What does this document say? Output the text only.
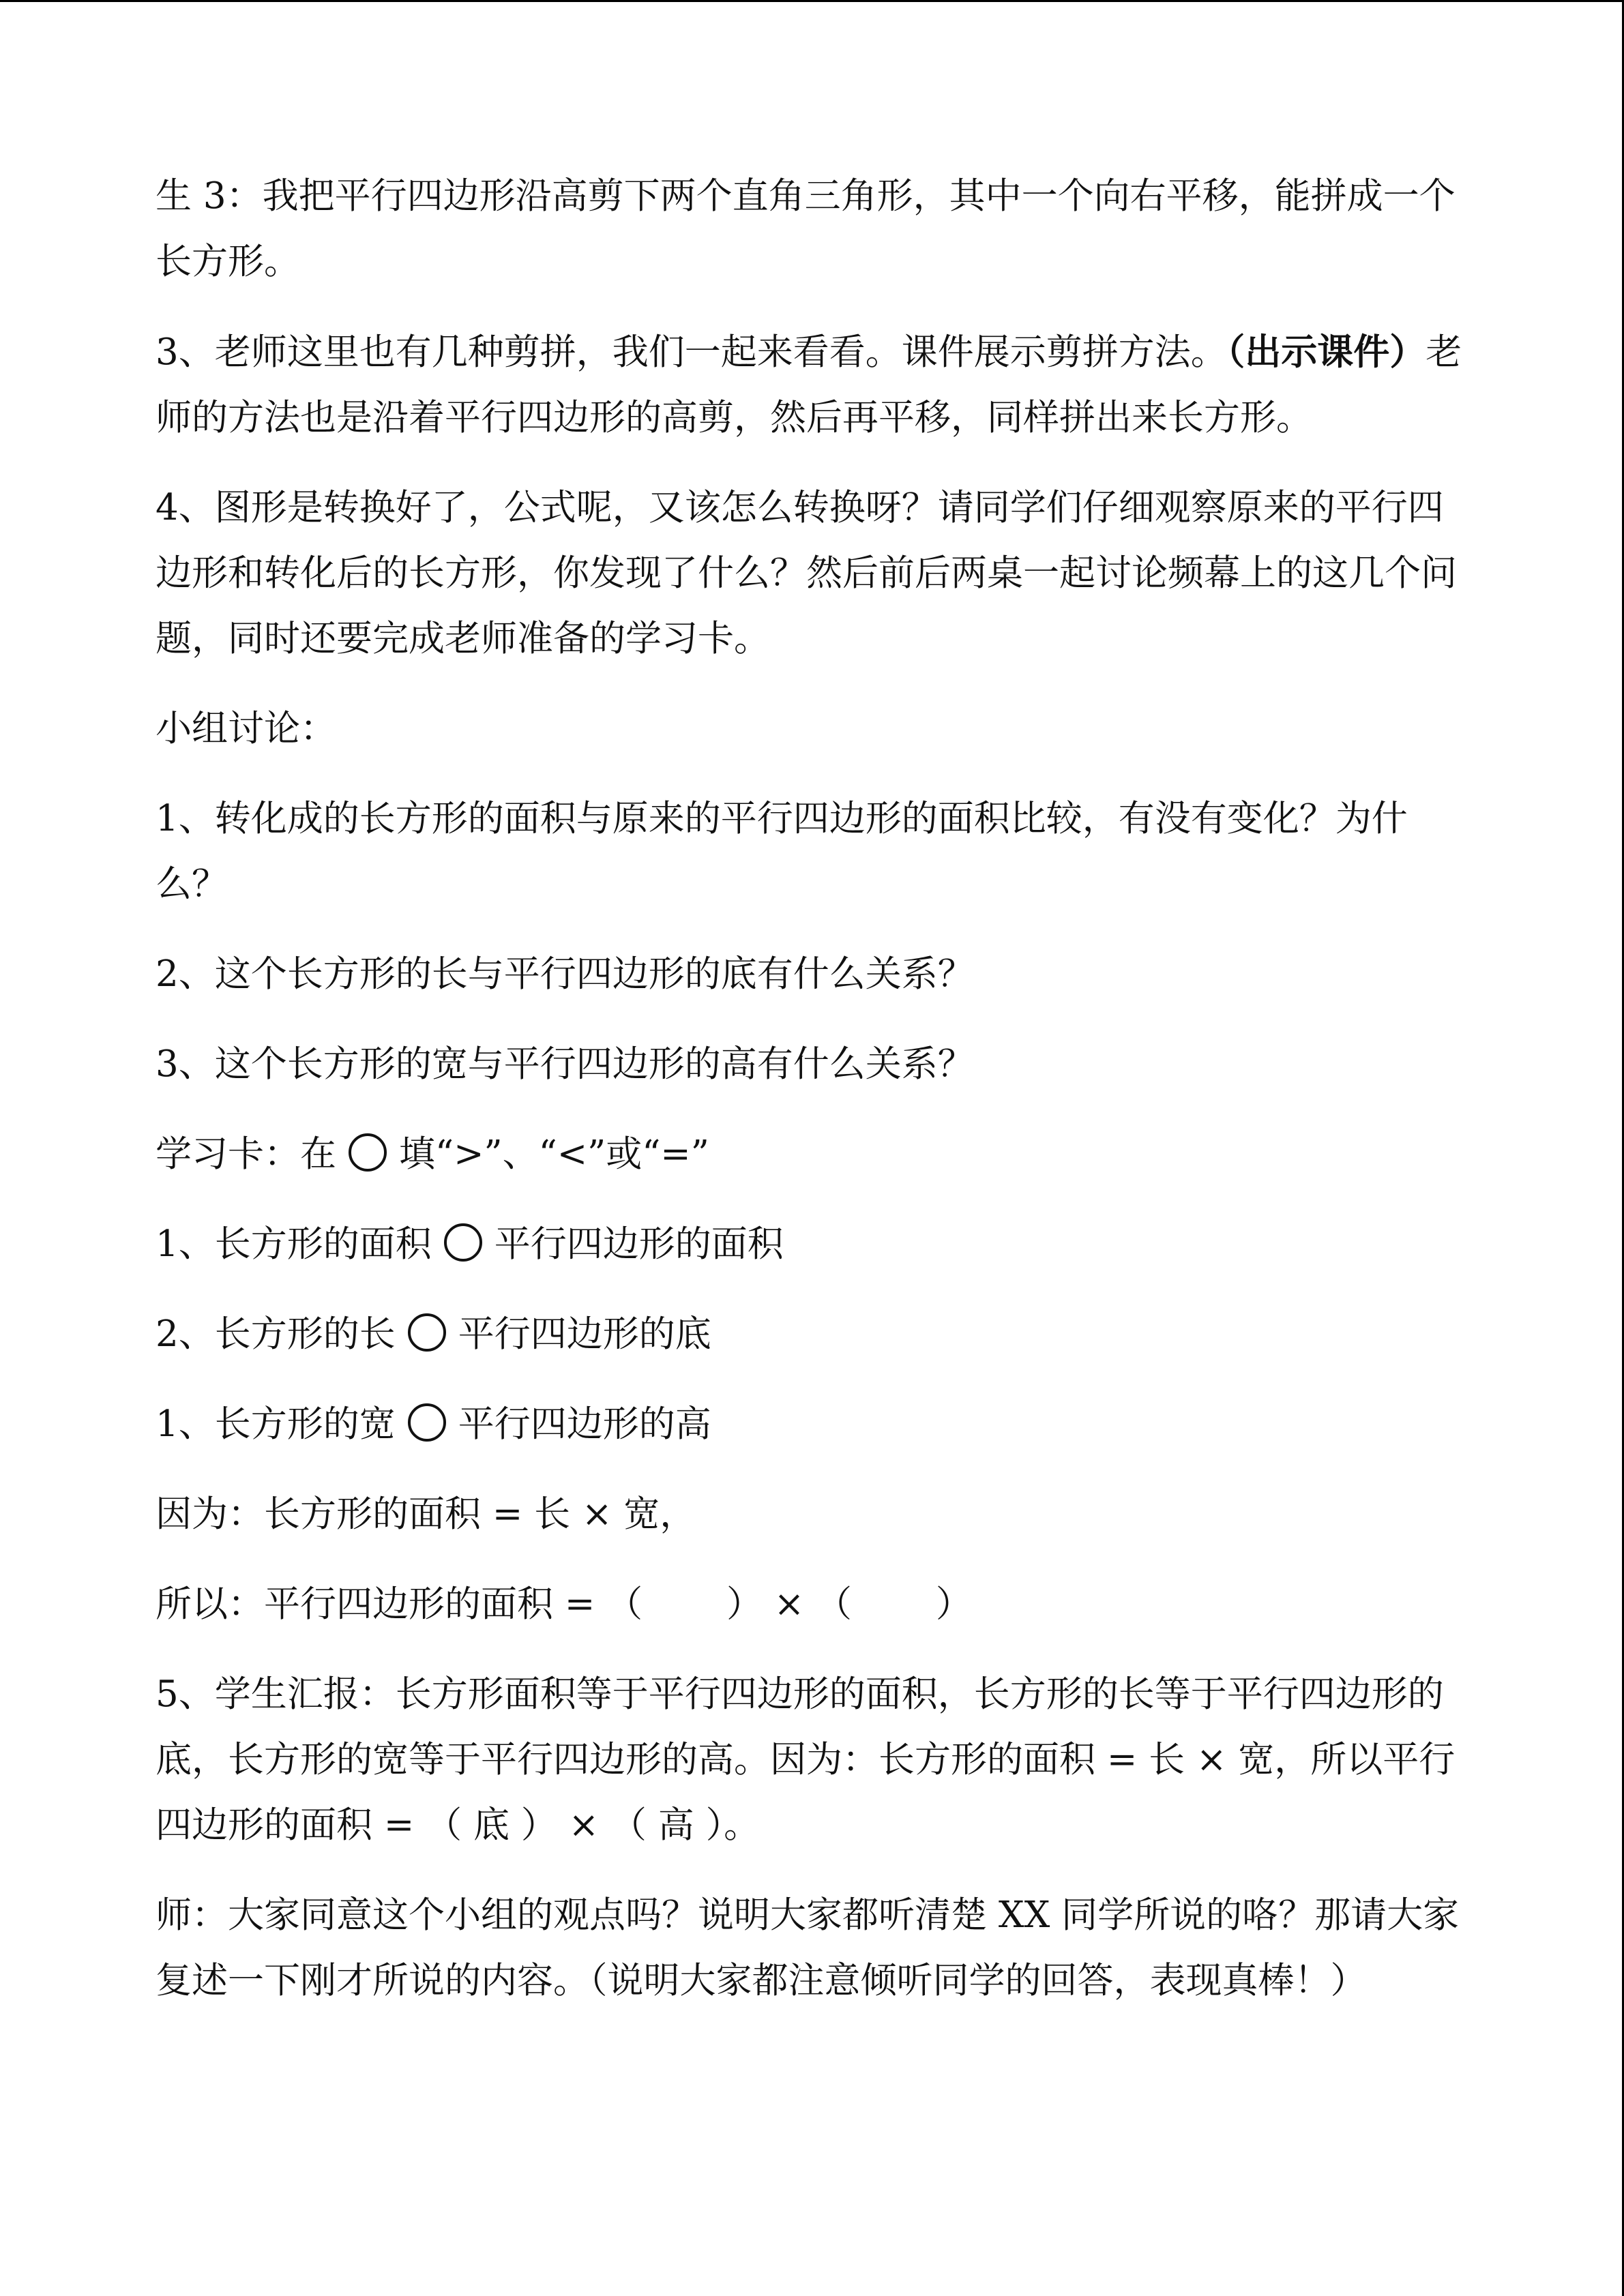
生 3：我把平行四边形沿高剪下两个直角三角形，其中一个向右平移，能拼成一个长方形。

3、老师这里也有几种剪拼，我们一起来看看。课件展示剪拼方法。（出示课件）老师的方法也是沿着平行四边形的高剪，然后再平移，同样拼出来长方形。

4、图形是转换好了，公式呢，又该怎么转换呀？请同学们仔细观察原来的平行四边形和转化后的长方形，你发现了什么？然后前后两桌一起讨论频幕上的这几个问题，同时还要完成老师准备的学习卡。

小组讨论：

1、转化成的长方形的面积与原来的平行四边形的面积比较，有没有变化？为什么？

2、这个长方形的长与平行四边形的底有什么关系？

3、这个长方形的宽与平行四边形的高有什么关系？

学习卡：在 填“>”、“<”或“=”

1、长方形的面积 平行四边形的面积

2、长方形的长 平行四边形的底

1、长方形的宽 平行四边形的高

因为：长方形的面积 = 长 × 宽，

所以：平行四边形的面积 = （　　 ） × （　　 ）

5、学生汇报：长方形面积等于平行四边形的面积，长方形的长等于平行四边形的底，长方形的宽等于平行四边形的高。因为：长方形的面积 = 长 × 宽，所以平行四边形的面积 = （ 底 ） × （ 高 ）。

师：大家同意这个小组的观点吗？说明大家都听清楚 XX 同学所说的咯？那请大家复述一下刚才所说的内容。（说明大家都注意倾听同学的回答，表现真棒！）
